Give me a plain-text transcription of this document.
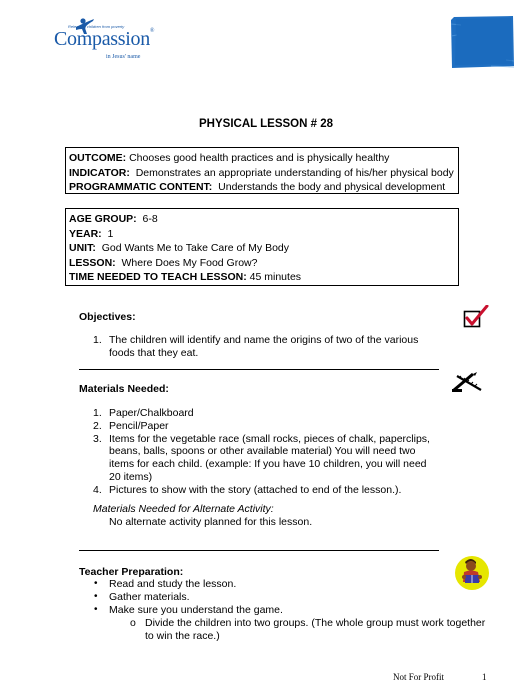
Releasing children from poverty
Compassion®
in Jesus' name
PHYSICAL LESSON # 28
OUTCOME: Chooses good health practices and is physically healthy
INDICATOR: Demonstrates an appropriate understanding of his/her physical body
PROGRAMMATIC CONTENT: Understands the body and physical development
AGE GROUP: 6-8
YEAR: 1
UNIT: God Wants Me to Take Care of My Body
LESSON: Where Does My Food Grow?
TIME NEEDED TO TEACH LESSON: 45 minutes
Objectives:
1. The children will identify and name the origins of two of the various
foods that they eat.
Materials Needed:
1. Paper/Chalkboard
2. Pencil/Paper
3. Items for the vegetable race (small rocks, pieces of chalk, paperclips,
beans, balls, spoons or other available material) You will need two
items for each child. (example: If you have 10 children, you will need
20 items)
4. Pictures to show with the story (attached to end of the lesson.).
Materials Needed for Alternate Activity:
No alternate activity planned for this lesson.
Teacher Preparation:
• Read and study the lesson.
• Gather materials.
• Make sure you understand the game.
o Divide the children into two groups. (The whole group must work together
to win the race.)
Not For Profit	1
